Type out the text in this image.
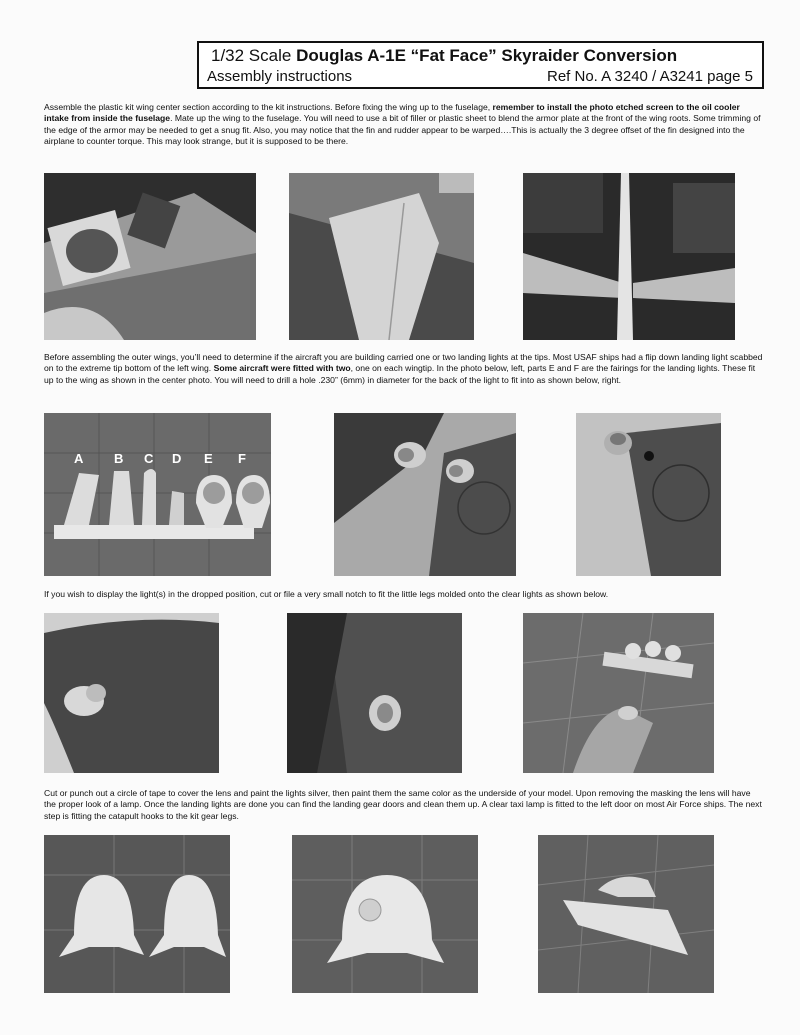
1/32 Scale Douglas A-1E “Fat Face” Skyraider Conversion
Assembly instructions	Ref No. A 3240 / A3241 page 5
Assemble the plastic kit wing center section according to the kit instructions. Before fixing the wing up to the fuselage, remember to install the photo etched screen to the oil cooler intake from inside the fuselage. Mate up the wing to the fuselage. You will need to use a bit of filler or plastic sheet to blend the armor plate at the front of the wing roots. Some trimming of the edge of the armor may be needed to get a snug fit. Also, you may notice that the fin and rudder appear to be warped….This is actually the 3 degree offset of the fin designed into the airplane to counter torque. This may look strange, but it is supposed to be there.
Before assembling the outer wings, you’ll need to determine if the aircraft you are building carried one or two landing lights at the tips. Most USAF ships had a flip down landing light scabbed on to the extreme tip bottom of the left wing. Some aircraft were fitted with two, one on each wingtip. In the photo below, left, parts E and F are the fairings for the landing lights. These fit up to the wing as shown in the center photo. You will need to drill a hole .230” (6mm) in diameter for the back of the light to fit into as shown below, right.
A B C D E F
If you wish to display the light(s) in the dropped position, cut or file a very small notch to fit the little legs molded onto the clear lights as shown below.
Cut or punch out a circle of tape to cover the lens and paint the lights silver, then paint them the same color as the underside of your model. Upon removing the masking the lens will have the proper look of a lamp. Once the landing lights are done you can find the landing gear doors and clean them up. A clear taxi lamp is fitted to the left door on most Air Force ships. The next step is fitting the catapult hooks to the kit gear legs.
